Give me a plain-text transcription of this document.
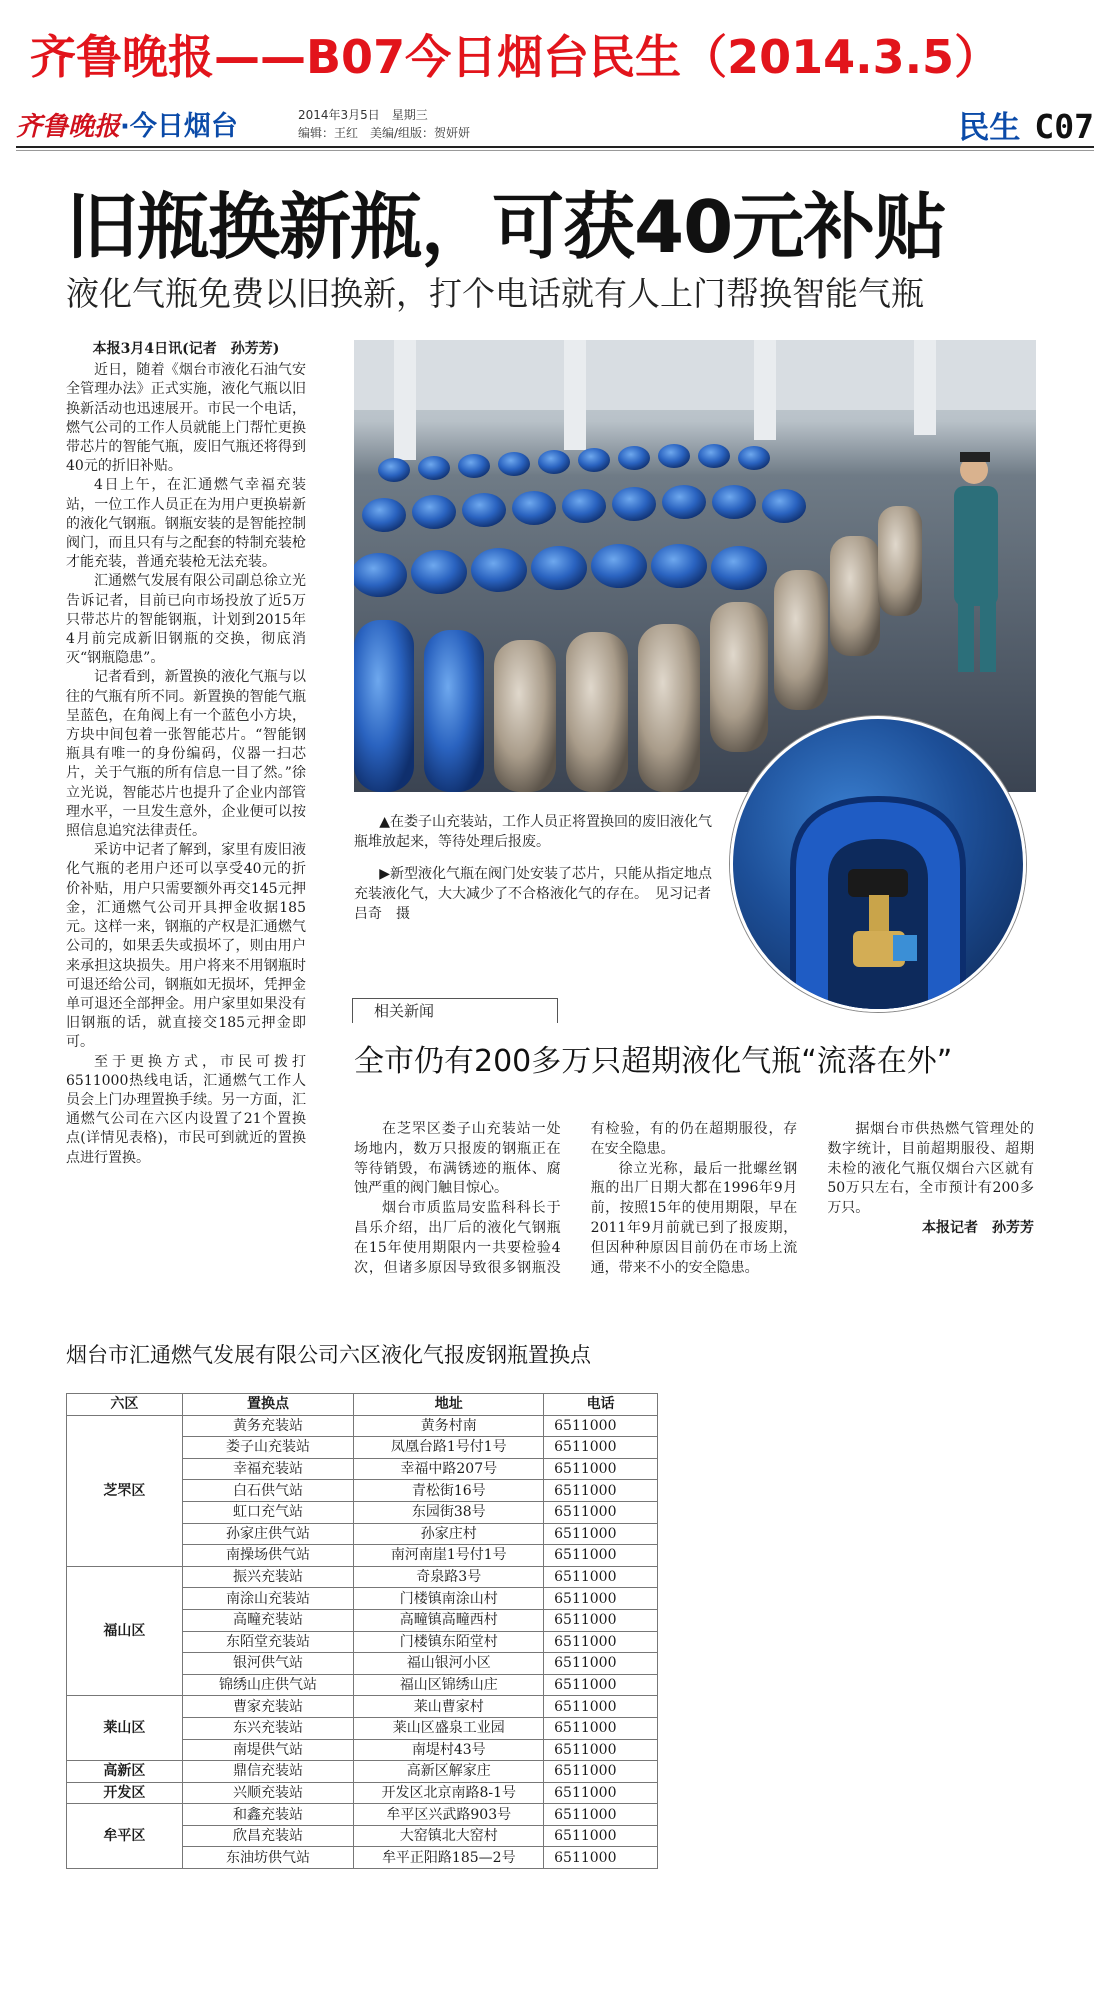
齐鲁晚报——B07今日烟台民生（2014.3.5）
齐鲁晚报·今日烟台	2014年3月5日　星期三
编辑：王红　美编/组版：贺妍妍	民生 C07
旧瓶换新瓶，可获40元补贴
液化气瓶免费以旧换新，打个电话就有人上门帮换智能气瓶
本报3月4日讯(记者　孙芳芳)

近日，随着《烟台市液化石油气安全管理办法》正式实施，液化气瓶以旧换新活动也迅速展开。市民一个电话，燃气公司的工作人员就能上门帮忙更换带芯片的智能气瓶，废旧气瓶还将得到40元的折旧补贴。

4日上午，在汇通燃气幸福充装站，一位工作人员正在为用户更换崭新的液化气钢瓶。钢瓶安装的是智能控制阀门，而且只有与之配套的特制充装枪才能充装，普通充装枪无法充装。

汇通燃气发展有限公司副总徐立光告诉记者，目前已向市场投放了近5万只带芯片的智能钢瓶，计划到2015年4月前完成新旧钢瓶的交换，彻底消灭“钢瓶隐患”。

记者看到，新置换的液化气瓶与以往的气瓶有所不同。新置换的智能气瓶呈蓝色，在角阀上有一个蓝色小方块，方块中间包着一张智能芯片。“智能钢瓶具有唯一的身份编码，仪器一扫芯片，关于气瓶的所有信息一目了然。”徐立光说，智能芯片也提升了企业内部管理水平，一旦发生意外，企业便可以按照信息追究法律责任。

采访中记者了解到，家里有废旧液化气瓶的老用户还可以享受40元的折价补贴，用户只需要额外再交145元押金，汇通燃气公司开具押金收据185元。这样一来，钢瓶的产权是汇通燃气公司的，如果丢失或损坏了，则由用户来承担这块损失。用户将来不用钢瓶时可退还给公司，钢瓶如无损坏，凭押金单可退还全部押金。用户家里如果没有旧钢瓶的话，就直接交185元押金即可。

至于更换方式，市民可拨打6511000热线电话，汇通燃气工作人员会上门办理置换手续。另一方面，汇通燃气公司在六区内设置了21个置换点(详情见表格)，市民可到就近的置换点进行置换。

▲在娄子山充装站，工作人员正将置换回的废旧液化气瓶堆放起来，等待处理后报废。

▶新型液化气瓶在阀门处安装了芯片，只能从指定地点充装液化气，大大减少了不合格液化气的存在。　见习记者　吕奇　摄

相关新闻
全市仍有200多万只超期液化气瓶“流落在外”

在芝罘区娄子山充装站一处场地内，数万只报废的钢瓶正在等待销毁，布满锈迹的瓶体、腐蚀严重的阀门触目惊心。

烟台市质监局安监科科长于昌乐介绍，出厂后的液化气钢瓶在15年使用期限内一共要检验4次，但诸多原因导致很多钢瓶没有检验，有的仍在超期服役，存在安全隐患。

徐立光称，最后一批螺丝钢瓶的出厂日期大都在1996年9月前，按照15年的使用期限，早在2011年9月前就已到了报废期，但因种种原因目前仍在市场上流通，带来不小的安全隐患。

据烟台市供热燃气管理处的数字统计，目前超期服役、超期未检的液化气瓶仅烟台六区就有50万只左右，全市预计有200多万只。

本报记者　孙芳芳

烟台市汇通燃气发展有限公司六区液化气报废钢瓶置换点
六区	置换点	地址	电话
芝罘区	黄务充装站	黄务村南	6511000
	娄子山充装站	凤凰台路1号付1号	6511000
	幸福充装站	幸福中路207号	6511000
	白石供气站	青松街16号	6511000
	虹口充气站	东园街38号	6511000
	孙家庄供气站	孙家庄村	6511000
	南操场供气站	南河南崖1号付1号	6511000
福山区	振兴充装站	奇泉路3号	6511000
	南涂山充装站	门楼镇南涂山村	6511000
	高疃充装站	高疃镇高疃西村	6511000
	东陌堂充装站	门楼镇东陌堂村	6511000
	银河供气站	福山银河小区	6511000
	锦绣山庄供气站	福山区锦绣山庄	6511000
莱山区	曹家充装站	莱山曹家村	6511000
	东兴充装站	莱山区盛泉工业园	6511000
	南堤供气站	南堤村43号	6511000
高新区	鼎信充装站	高新区解家庄	6511000
开发区	兴顺充装站	开发区北京南路8-1号	6511000
牟平区	和鑫充装站	牟平区兴武路903号	6511000
	欣昌充装站	大窑镇北大窑村	6511000
	东油坊供气站	牟平正阳路185—2号	6511000
